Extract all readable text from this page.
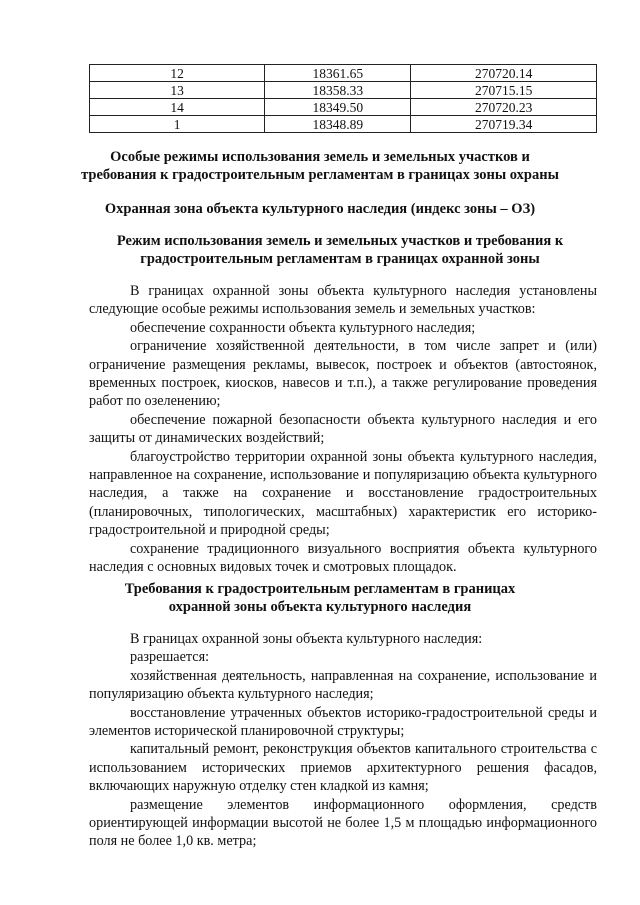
12	18361.65	270720.14
13	18358.33	270715.15
14	18349.50	270720.23
1	18348.89	270719.34
Особые режимы использования земель и земельных участков и
требования к градостроительным регламентам в границах зоны охраны
Охранная зона объекта культурного наследия (индекс зоны – ОЗ)
Режим использования земель и земельных участков и требования к
градостроительным регламентам в границах охранной зоны

В границах охранной зоны объекта культурного наследия установлены следующие особые режимы использования земель и земельных участков:

обеспечение сохранности объекта культурного наследия;

ограничение хозяйственной деятельности, в том числе запрет и (или) ограничение размещения рекламы, вывесок, построек и объектов (автостоянок, временных построек, киосков, навесов и т.п.), а также регулирование проведения работ по озеленению;

обеспечение пожарной безопасности объекта культурного наследия и его защиты от динамических воздействий;

благоустройство территории охранной зоны объекта культурного наследия, направленное на сохранение, использование и популяризацию объекта культурного наследия, а также на сохранение и восстановление градостроительных (планировочных, типологических, масштабных) характеристик его историко-градостроительной и природной среды;

сохранение традиционного визуального восприятия объекта культурного наследия с основных видовых точек и смотровых площадок.

Требования к градостроительным регламентам в границах
охранной зоны объекта культурного наследия

В границах охранной зоны объекта культурного наследия:

разрешается:

хозяйственная деятельность, направленная на сохранение, использование и популяризацию объекта культурного наследия;

восстановление утраченных объектов историко-градостроительной среды и элементов исторической планировочной структуры;

капитальный ремонт, реконструкция объектов капитального строительства с использованием исторических приемов архитектурного решения фасадов, включающих наружную отделку стен кладкой из камня;

размещение элементов информационного оформления, средств ориентирующей информации высотой не более 1,5 м площадью информационного поля не более 1,0 кв. метра;
